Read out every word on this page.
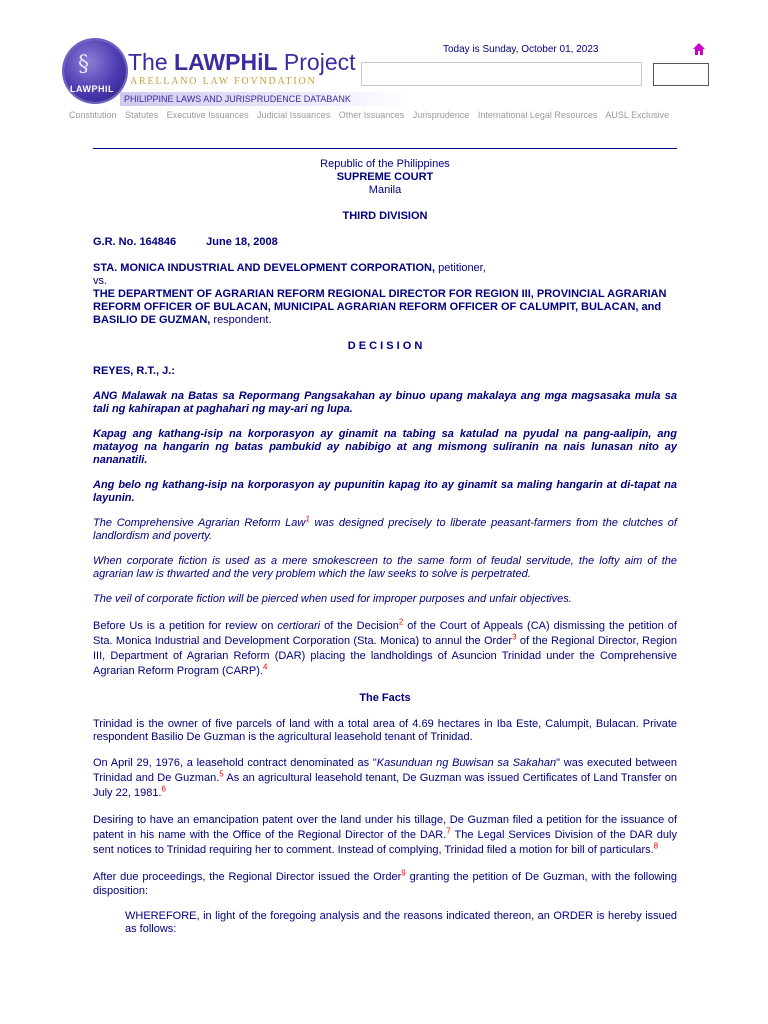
PHILIPPINE LAWS AND JURISPRUDENCE DATABANK
§
LAWPHIL
The LAWPHiL Project
ARELLANO LAW FOVNDATION
Today is Sunday, October 01, 2023
Constitution Statutes Executive Issuances Judicial Issuances Other Issuances Jurisprudence International Legal Resources AUSL Exclusive

Republic of the Philippines

SUPREME COURT

Manila

THIRD DIVISION

G.R. No. 164846	June 18, 2008

STA. MONICA INDUSTRIAL AND DEVELOPMENT CORPORATION, petitioner,

vs.

THE DEPARTMENT OF AGRARIAN REFORM REGIONAL DIRECTOR FOR REGION III, PROVINCIAL AGRARIAN REFORM OFFICER OF BULACAN, MUNICIPAL AGRARIAN REFORM OFFICER OF CALUMPIT, BULACAN, and BASILIO DE GUZMAN, respondent.

D E C I S I O N

REYES, R.T., J.:

ANG Malawak na Batas sa Repormang Pangsakahan ay binuo upang makalaya ang mga magsasaka mula sa tali ng kahirapan at paghahari ng may-ari ng lupa.

Kapag ang kathang-isip na korporasyon ay ginamit na tabing sa katulad na pyudal na pang-aalipin, ang matayog na hangarin ng batas pambukid ay nabibigo at ang mismong suliranin na nais lunasan nito ay nananatili.

Ang belo ng kathang-isip na korporasyon ay pupunitin kapag ito ay ginamit sa maling hangarin at di-tapat na layunin.

The Comprehensive Agrarian Reform Law$^1$ was designed precisely to liberate peasant-farmers from the clutches of landlordism and poverty.

When corporate fiction is used as a mere smokescreen to the same form of feudal servitude, the lofty aim of the agrarian law is thwarted and the very problem which the law seeks to solve is perpetrated.

The veil of corporate fiction will be pierced when used for improper purposes and unfair objectives.

Before Us is a petition for review on certiorari of the Decision$^2$ of the Court of Appeals (CA) dismissing the petition of Sta. Monica Industrial and Development Corporation (Sta. Monica) to annul the Order$^3$ of the Regional Director, Region III, Department of Agrarian Reform (DAR) placing the landholdings of Asuncion Trinidad under the Comprehensive Agrarian Reform Program (CARP).$^4$

The Facts

Trinidad is the owner of five parcels of land with a total area of 4.69 hectares in Iba Este, Calumpit, Bulacan. Private respondent Basilio De Guzman is the agricultural leasehold tenant of Trinidad.

On April 29, 1976, a leasehold contract denominated as "Kasunduan ng Buwisan sa Sakahan" was executed between Trinidad and De Guzman.$^5$ As an agricultural leasehold tenant, De Guzman was issued Certificates of Land Transfer on July 22, 1981.$^6$

Desiring to have an emancipation patent over the land under his tillage, De Guzman filed a petition for the issuance of patent in his name with the Office of the Regional Director of the DAR.$^7$ The Legal Services Division of the DAR duly sent notices to Trinidad requiring her to comment. Instead of complying, Trinidad filed a motion for bill of particulars.$^8$

After due proceedings, the Regional Director issued the Order$^9$ granting the petition of De Guzman, with the following disposition:

WHEREFORE, in light of the foregoing analysis and the reasons indicated thereon, an ORDER is hereby issued as follows:
